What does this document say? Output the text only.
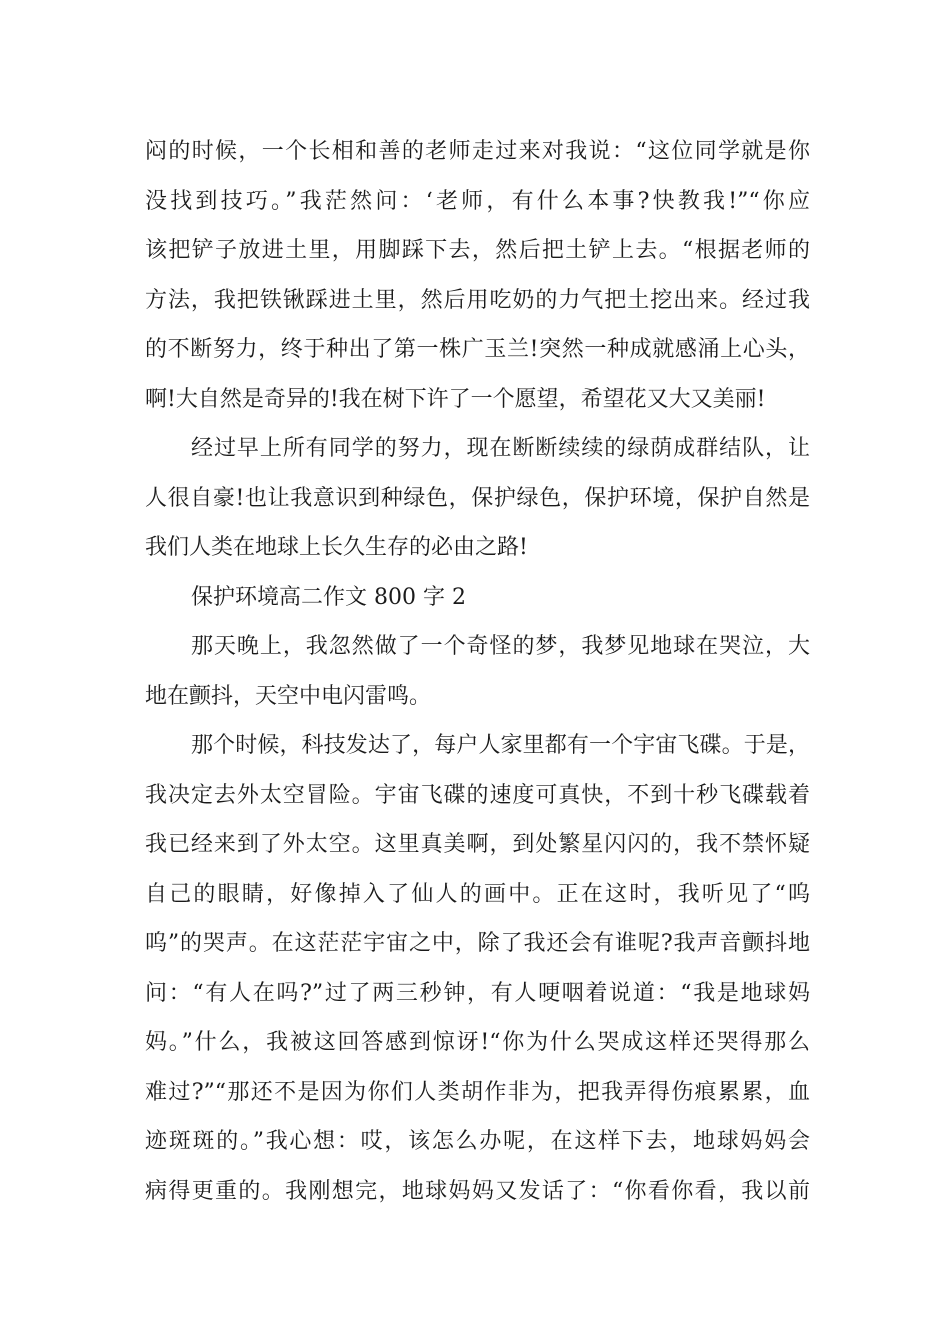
闷的时候，一个长相和善的老师走过来对我说：“这位同学就是你
没找到技巧。”我茫然问：‘老师，有什么本事?快教我!”“你应
该把铲子放进土里，用脚踩下去，然后把土铲上去。“根据老师的
方法，我把铁锹踩进土里，然后用吃奶的力气把土挖出来。经过我
的不断努力，终于种出了第一株广玉兰!突然一种成就感涌上心头，
啊!大自然是奇异的!我在树下许了一个愿望，希望花又大又美丽!
经过早上所有同学的努力，现在断断续续的绿荫成群结队，让
人很自豪!也让我意识到种绿色，保护绿色，保护环境，保护自然是
我们人类在地球上长久生存的必由之路!
保护环境高二作文 800 字 2
那天晚上，我忽然做了一个奇怪的梦，我梦见地球在哭泣，大
地在颤抖，天空中电闪雷鸣。
那个时候，科技发达了，每户人家里都有一个宇宙飞碟。于是，
我决定去外太空冒险。宇宙飞碟的速度可真快，不到十秒飞碟载着
我已经来到了外太空。这里真美啊，到处繁星闪闪的，我不禁怀疑
自己的眼睛，好像掉入了仙人的画中。正在这时，我听见了“呜
呜”的哭声。在这茫茫宇宙之中，除了我还会有谁呢?我声音颤抖地
问：“有人在吗?”过了两三秒钟，有人哽咽着说道：“我是地球妈
妈。”什么，我被这回答感到惊讶!“你为什么哭成这样还哭得那么
难过?”“那还不是因为你们人类胡作非为，把我弄得伤痕累累，血
迹斑斑的。”我心想：哎，该怎么办呢，在这样下去，地球妈妈会
病得更重的。我刚想完，地球妈妈又发话了：“你看你看，我以前
